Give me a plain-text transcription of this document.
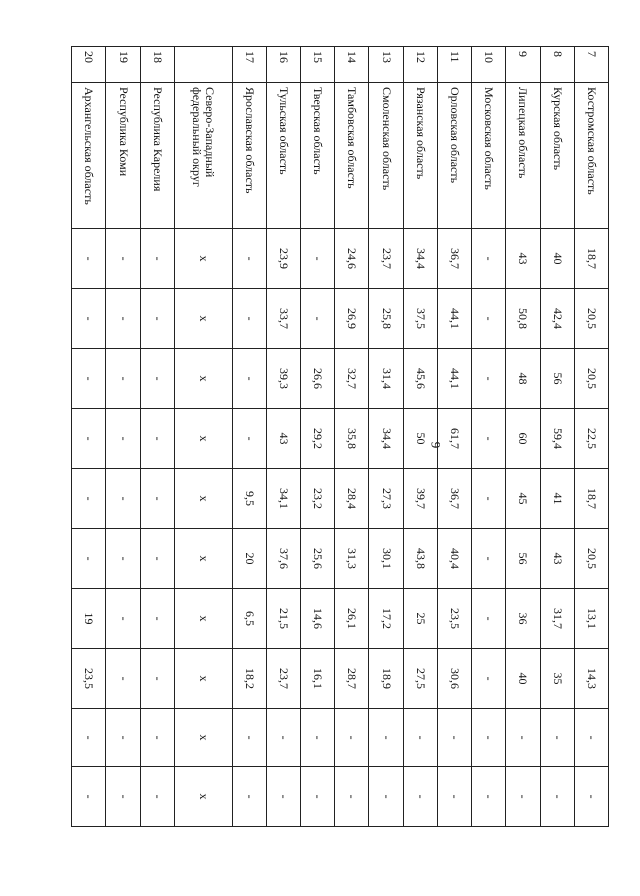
9
7	Костромская область	18,7	20,5	20,5	22,5	18,7	20,5	13,1	14,3	-	-
8	Курская область	40	42,4	56	59,4	41	43	31,7	35	-	-
9	Липецкая область	43	50,8	48	60	45	56	36	40	-	-
10	Московская область	-	-	-	-	-	-	-	-	-	-
11	Орловская область	36,7	44,1	44,1	61,7	36,7	40,4	23,5	30,6	-	-
12	Рязанская область	34,4	37,5	45,6	50	39,7	43,8	25	27,5	-	-
13	Смоленская область	23,7	25,8	31,4	34,4	27,3	30,1	17,2	18,9	-	-
14	Тамбовская область	24,6	26,9	32,7	35,8	28,4	31,3	26,1	28,7	-	-
15	Тверская область	-	-	26,6	29,2	23,2	25,6	14,6	16,1	-	-
16	Тульская область	23,9	33,7	39,3	43	34,1	37,6	21,5	23,7	-	-
17	Ярославская область	-	-	-	-	9,5	20	6,5	18,2	-	-
	Северо-Западный федеральный округ	x	x	x	x	x	x	x	x	x	x
18	Республика Карелия	-	-	-	-	-	-	-	-	-	-
19	Республика Коми	-	-	-	-	-	-	-	-	-	-
20	Архангельская область	-	-	-	-	-	-	19	23,5	-	-
